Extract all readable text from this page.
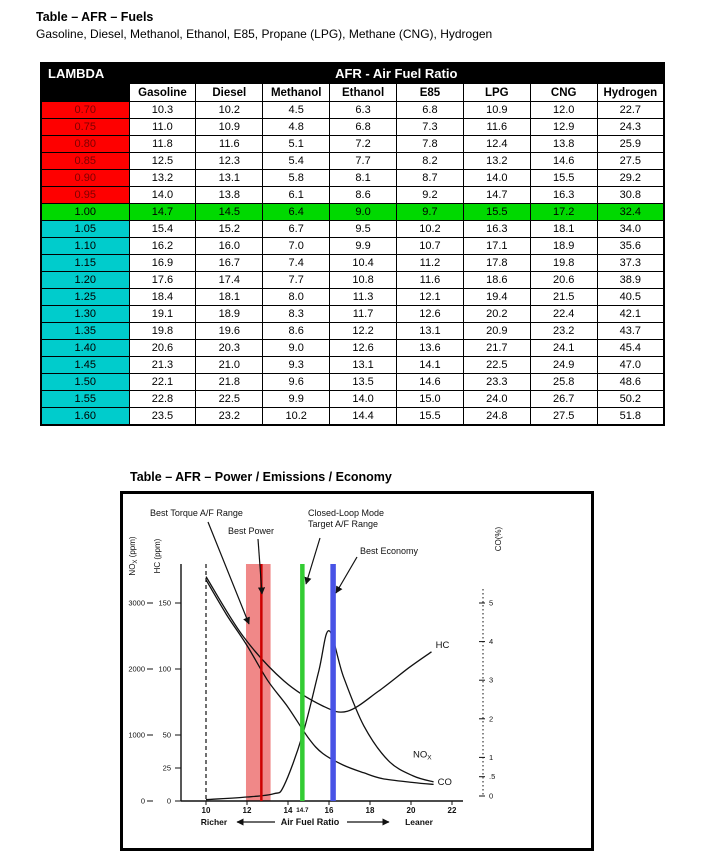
Table – AFR – Fuels
Gasoline, Diesel, Methanol, Ethanol, E85, Propane (LPG), Methane (CNG), Hydrogen
LAMBDA	AFR - Air Fuel Ratio							
	Gasoline	Diesel	Methanol	Ethanol	E85	LPG	CNG	Hydrogen
0.70	10.3	10.2	4.5	6.3	6.8	10.9	12.0	22.7
0.75	11.0	10.9	4.8	6.8	7.3	11.6	12.9	24.3
0.80	11.8	11.6	5.1	7.2	7.8	12.4	13.8	25.9
0.85	12.5	12.3	5.4	7.7	8.2	13.2	14.6	27.5
0.90	13.2	13.1	5.8	8.1	8.7	14.0	15.5	29.2
0.95	14.0	13.8	6.1	8.6	9.2	14.7	16.3	30.8
1.00	14.7	14.5	6.4	9.0	9.7	15.5	17.2	32.4
1.05	15.4	15.2	6.7	9.5	10.2	16.3	18.1	34.0
1.10	16.2	16.0	7.0	9.9	10.7	17.1	18.9	35.6
1.15	16.9	16.7	7.4	10.4	11.2	17.8	19.8	37.3
1.20	17.6	17.4	7.7	10.8	11.6	18.6	20.6	38.9
1.25	18.4	18.1	8.0	11.3	12.1	19.4	21.5	40.5
1.30	19.1	18.9	8.3	11.7	12.6	20.2	22.4	42.1
1.35	19.8	19.6	8.6	12.2	13.1	20.9	23.2	43.7
1.40	20.6	20.3	9.0	12.6	13.6	21.7	24.1	45.4
1.45	21.3	21.0	9.3	13.1	14.1	22.5	24.9	47.0
1.50	22.1	21.8	9.6	13.5	14.6	23.3	25.8	48.6
1.55	22.8	22.5	9.9	14.0	15.0	24.0	26.7	50.2
1.60	23.5	23.2	10.2	14.4	15.5	24.8	27.5	51.8
Table – AFR – Power / Emissions / Economy
0
25
50
100
150
0
1000
2000
3000
0
.5
1
2
3
4
5
10	12	14	16	18	20	22
14.7
CO
HC
$NO_X$
Best Torque A/F Range
Best Power
Closed-Loop Mode
Target A/F Range
Best Economy
$NO_X$ (ppm) HC (ppm)	CO(%)
Richer	Air Fuel Ratio	Leaner
